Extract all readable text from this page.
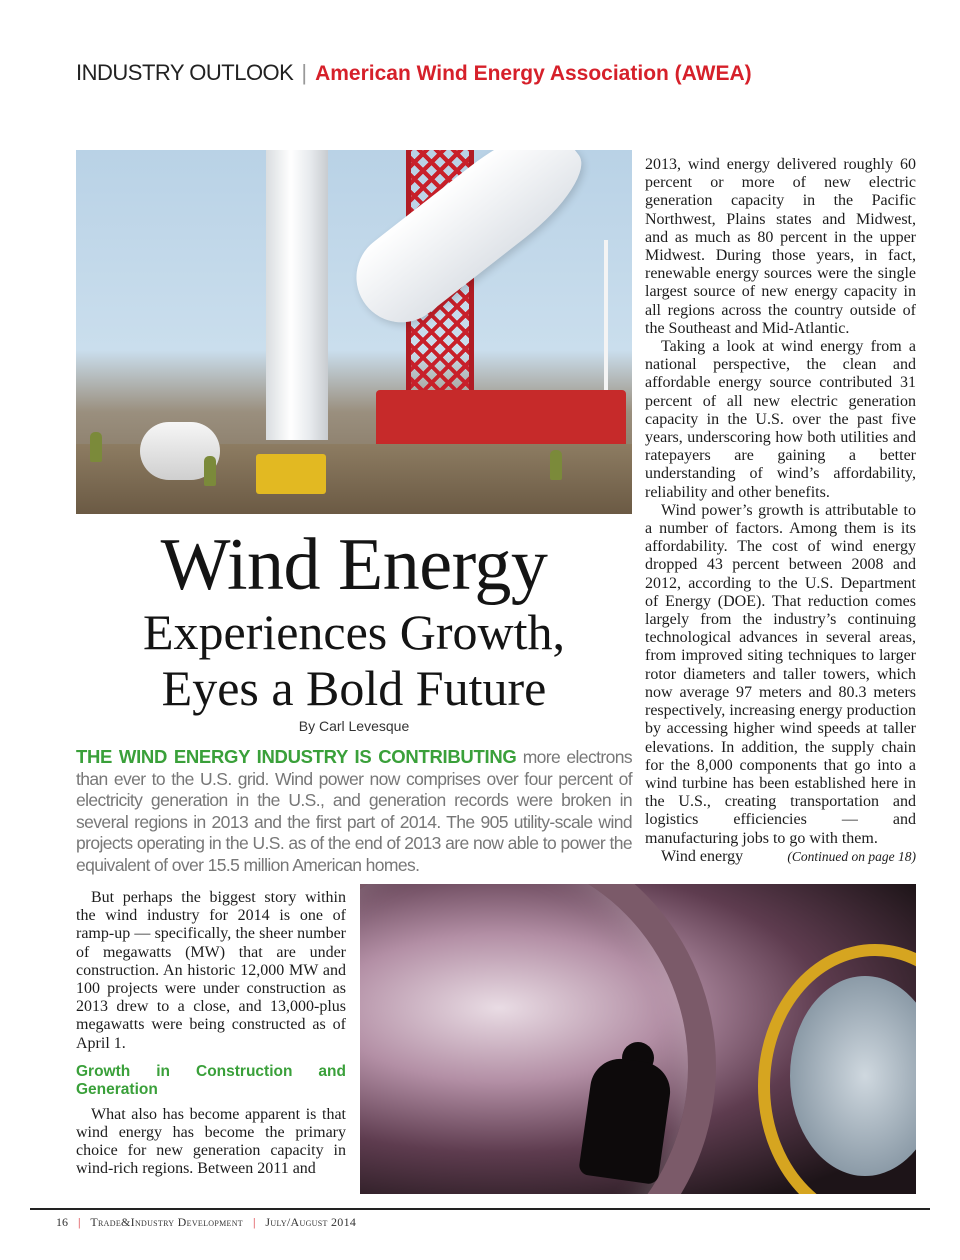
INDUSTRY OUTLOOK | American Wind Energy Association (AWEA)
Wind Energy
Experiences Growth,
Eyes a Bold Future
By Carl Levesque
THE WIND ENERGY INDUSTRY IS CONTRIBUTING more electrons than ever to the U.S. grid. Wind power now comprises over four percent of electricity generation in the U.S., and generation records were broken in several regions in 2013 and the first part of 2014. The 905 utility-scale wind projects operating in the U.S. as of the end of 2013 are now able to power the equivalent of over 15.5 million American homes.

But perhaps the biggest story within the wind industry for 2014 is one of ramp-up — specifically, the sheer number of megawatts (MW) that are under construction. An historic 12,000 MW and 100 projects were under construction as 2013 drew to a close, and 13,000-plus megawatts were being constructed as of April 1.

Growth in Construction and Generation

What also has become apparent is that wind energy has become the primary choice for new generation capacity in wind-rich regions. Between 2011 and

2013, wind energy delivered roughly 60 percent or more of new electric generation capacity in the Pacific Northwest, Plains states and Midwest, and as much as 80 percent in the upper Midwest. During those years, in fact, renewable energy sources were the single largest source of new energy capacity in all regions across the country outside of the Southeast and Mid-Atlantic.

Taking a look at wind energy from a national perspective, the clean and affordable energy source contributed 31 percent of all new electric generation capacity in the U.S. over the past five years, underscoring how both utilities and ratepayers are gaining a better understanding of wind’s affordability, reliability and other benefits.

Wind power’s growth is attributable to a number of factors. Among them is its affordability. The cost of wind energy dropped 43 percent between 2008 and 2012, according to the U.S. Department of Energy (DOE). That reduction comes largely from the industry’s continuing technological advances in several areas, from improved siting techniques to larger rotor diameters and taller towers, which now average 97 meters and 80.3 meters respectively, increasing energy production by accessing higher wind speeds at taller elevations. In addition, the supply chain for the 8,000 components that go into a wind turbine has been established here in the U.S., creating transportation and logistics efficiencies — and manufacturing jobs to go with them.

Wind energy	(Continued on page 18)

16 | Trade&Industry Development | July/August 2014
